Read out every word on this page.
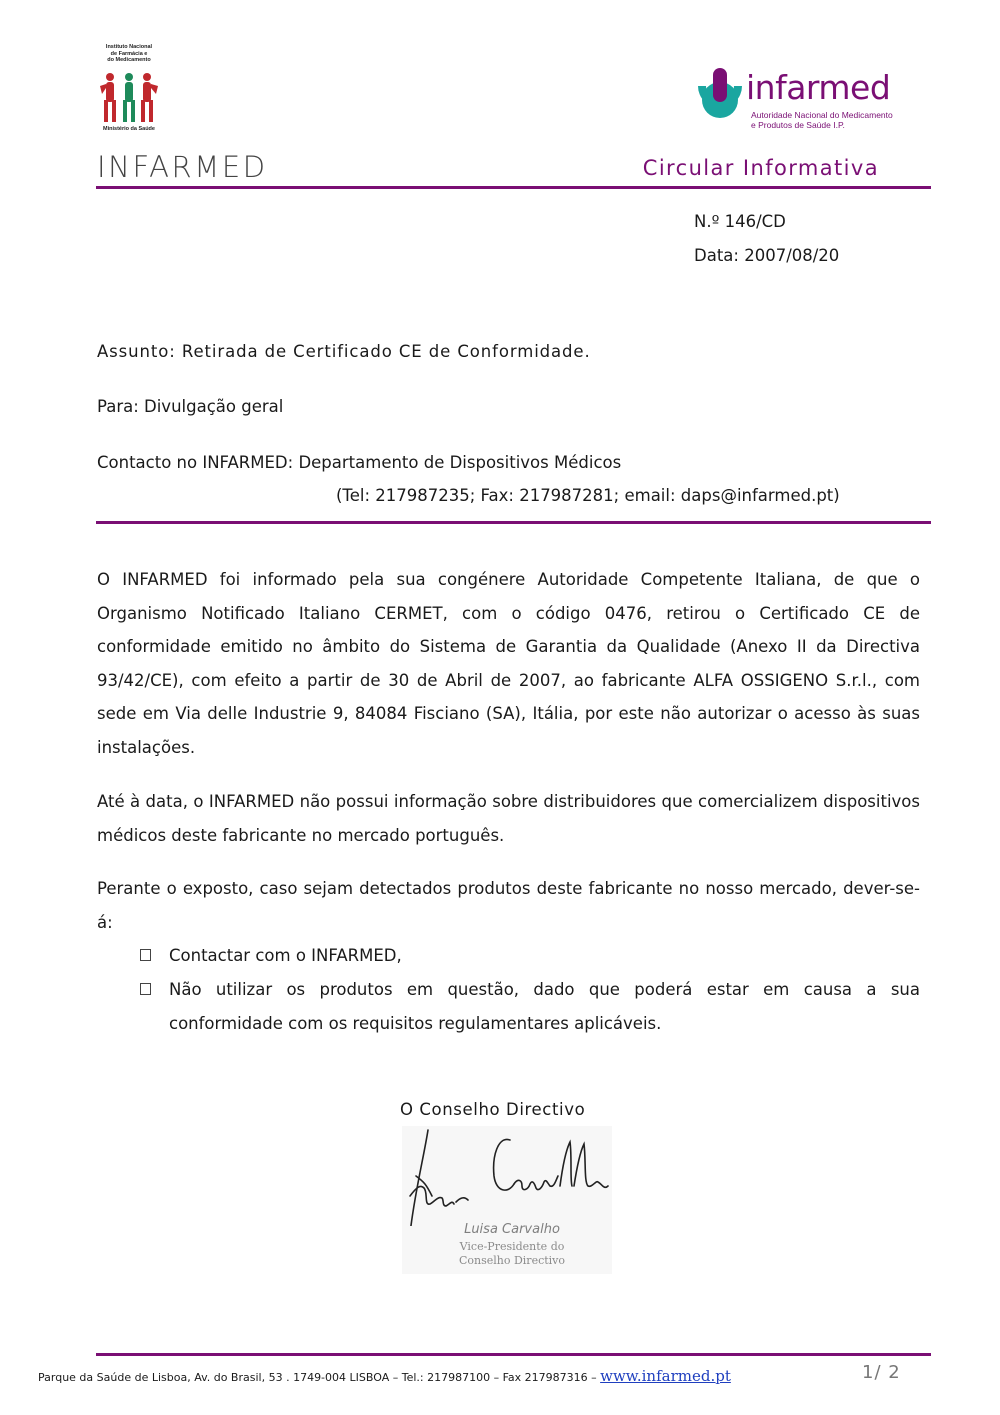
Instituto Nacional
de Farmácia e
do Medicamento
Ministério da Saúde
infarmed
Autoridade Nacional do Medicamento
e Produtos de Saúde I.P.
INFARMED	Circular Informativa
N.º 146/CD
Data: 2007/08/20
Assunto: Retirada de Certificado CE de Conformidade.
Para: Divulgação geral
Contacto no INFARMED: Departamento de Dispositivos Médicos
(Tel: 217987235; Fax: 217987281; email: daps@infarmed.pt)
O INFARMED foi informado pela sua congénere Autoridade Competente Italiana, de que o Organismo Notificado Italiano CERMET, com o código 0476, retirou o Certificado CE de conformidade emitido no âmbito do Sistema de Garantia da Qualidade (Anexo II da Directiva 93/42/CE), com efeito a partir de 30 de Abril de 2007, ao fabricante ALFA OSSIGENO S.r.l., com sede em Via delle Industrie 9, 84084 Fisciano (SA), Itália, por este não autorizar o acesso às suas instalações.
Até à data, o INFARMED não possui informação sobre distribuidores que comercializem dispositivos médicos deste fabricante no mercado português.
Perante o exposto, caso sejam detectados produtos deste fabricante no nosso mercado, dever-se-á:
Contactar com o INFARMED,
Não utilizar os produtos em questão, dado que poderá estar em causa a sua conformidade com os requisitos regulamentares aplicáveis.
O Conselho Directivo
Luisa Carvalho
Vice-Presidente do
Conselho Directivo
Parque da Saúde de Lisboa, Av. do Brasil, 53 . 1749-004 LISBOA – Tel.: 217987100 – Fax 217987316 – www.infarmed.pt	1/ 2
